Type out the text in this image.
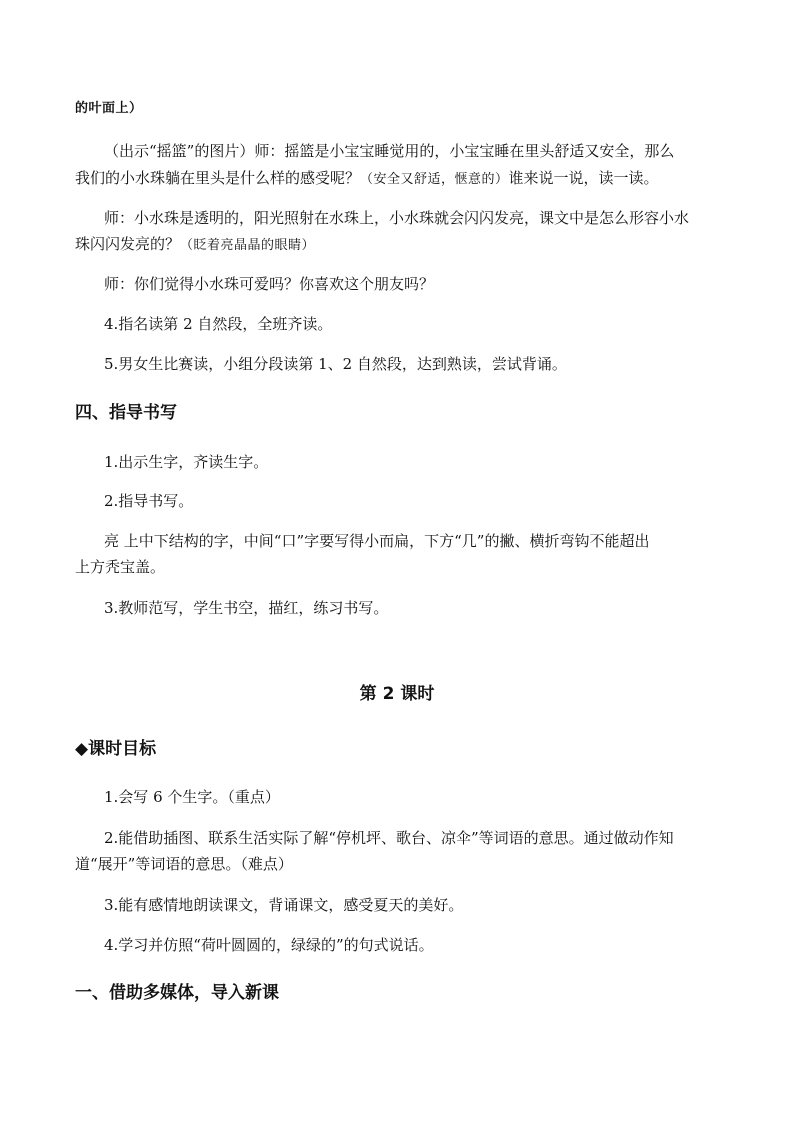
的叶面上）
（出示“摇篮”的图片）师：摇篮是小宝宝睡觉用的，小宝宝睡在里头舒适又安全，那么
我们的小水珠躺在里头是什么样的感受呢？（安全又舒适，惬意的）谁来说一说，读一读。
师：小水珠是透明的，阳光照射在水珠上，小水珠就会闪闪发亮，课文中是怎么形容小水
珠闪闪发亮的？（眨着亮晶晶的眼睛）
师：你们觉得小水珠可爱吗？你喜欢这个朋友吗？
4.指名读第 2 自然段，全班齐读。
5.男女生比赛读，小组分段读第 1、2 自然段，达到熟读，尝试背诵。
四、指导书写
1.出示生字，齐读生字。
2.指导书写。
亮 上中下结构的字，中间“口”字要写得小而扁，下方“几”的撇、横折弯钩不能超出
上方秃宝盖。
3.教师范写，学生书空，描红，练习书写。
第 2 课时
◆课时目标
1.会写 6 个生字。（重点）
2.能借助插图、联系生活实际了解“停机坪、歌台、凉伞”等词语的意思。通过做动作知
道“展开”等词语的意思。（难点）
3.能有感情地朗读课文，背诵课文，感受夏天的美好。
4.学习并仿照“荷叶圆圆的，绿绿的”的句式说话。
一、借助多媒体，导入新课
